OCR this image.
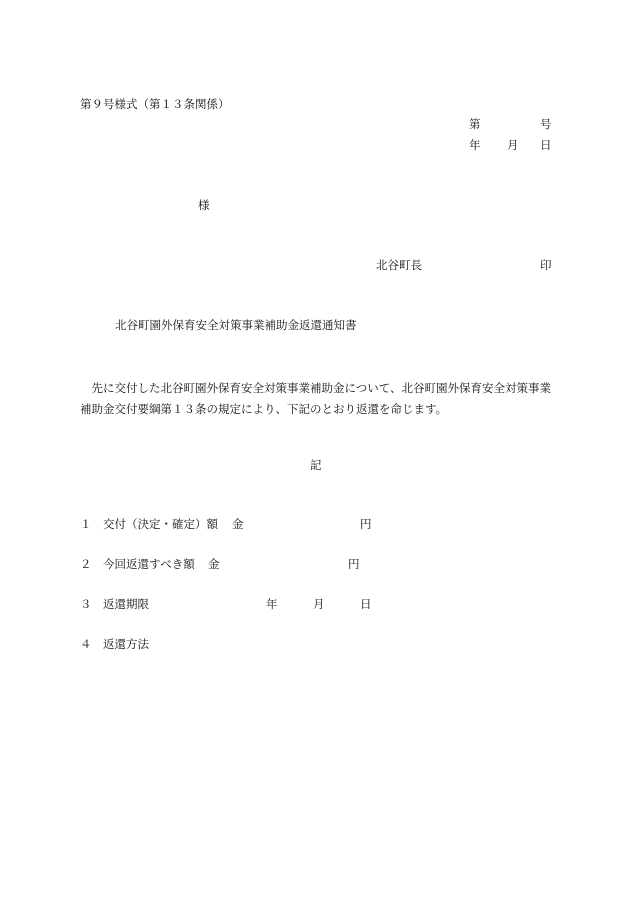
第９号様式（第１３条関係）
第	号
年 月 日
様
北谷町長	印
北谷町園外保育安全対策事業補助金返還通知書
先に交付した北谷町園外保育安全対策事業補助金について、北谷町園外保育安全対策事業補助金交付要綱第１３条の規定により、下記のとおり返還を命じます。
記
１ 交付（決定・確定）額 金	円
２ 今回返還すべき額 金	円
３ 返還期限	年	月	日
４ 返還方法
